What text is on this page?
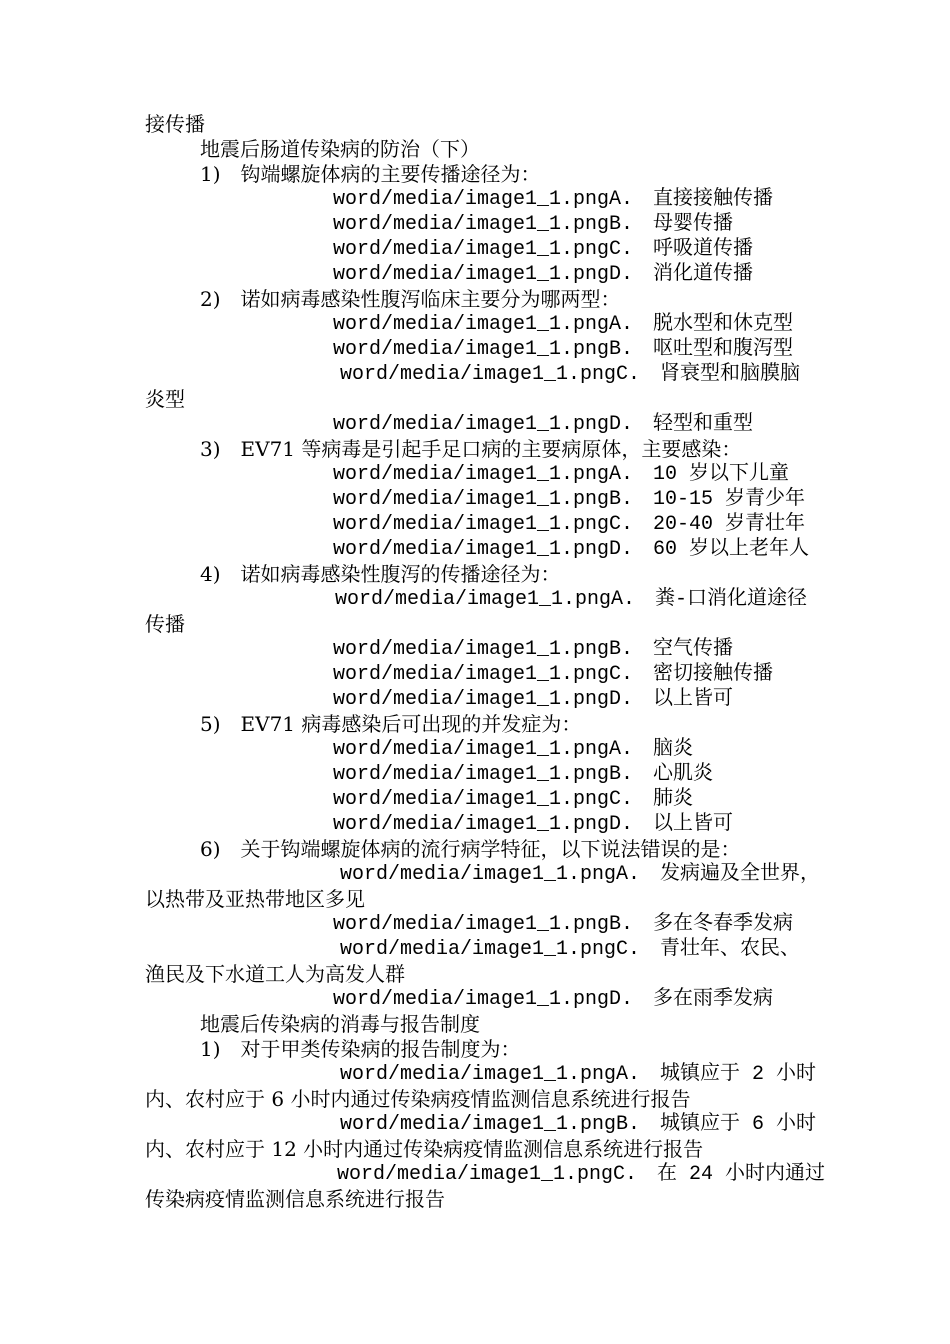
接传播
地震后肠道传染病的防治（下）
1)　钩端螺旋体病的主要传播途径为：
word/media/image1_1.pngA.　直接接触传播
word/media/image1_1.pngB.　母婴传播
word/media/image1_1.pngC.　呼吸道传播
word/media/image1_1.pngD.　消化道传播
2)　诺如病毒感染性腹泻临床主要分为哪两型：
word/media/image1_1.pngA.　脱水型和休克型
word/media/image1_1.pngB.　呕吐型和腹泻型
word/media/image1_1.pngC.　肾衰型和脑膜脑
炎型
word/media/image1_1.pngD.　轻型和重型
3)　EV71 等病毒是引起手足口病的主要病原体，主要感染：
word/media/image1_1.pngA.　10 岁以下儿童
word/media/image1_1.pngB.　10-15 岁青少年
word/media/image1_1.pngC.　20-40 岁青壮年
word/media/image1_1.pngD.　60 岁以上老年人
4)　诺如病毒感染性腹泻的传播途径为：
word/media/image1_1.pngA.　粪-口消化道途径
传播
word/media/image1_1.pngB.　空气传播
word/media/image1_1.pngC.　密切接触传播
word/media/image1_1.pngD.　以上皆可
5)　EV71 病毒感染后可出现的并发症为：
word/media/image1_1.pngA.　脑炎
word/media/image1_1.pngB.　心肌炎
word/media/image1_1.pngC.　肺炎
word/media/image1_1.pngD.　以上皆可
6)　关于钩端螺旋体病的流行病学特征，以下说法错误的是：
word/media/image1_1.pngA.　发病遍及全世界，
以热带及亚热带地区多见
word/media/image1_1.pngB.　多在冬春季发病
word/media/image1_1.pngC.　青壮年、农民、
渔民及下水道工人为高发人群
word/media/image1_1.pngD.　多在雨季发病
地震后传染病的消毒与报告制度
1)　对于甲类传染病的报告制度为：
word/media/image1_1.pngA.　城镇应于 2 小时
内、农村应于 6 小时内通过传染病疫情监测信息系统进行报告
word/media/image1_1.pngB.　城镇应于 6 小时
内、农村应于 12 小时内通过传染病疫情监测信息系统进行报告
word/media/image1_1.pngC.　在 24 小时内通过
传染病疫情监测信息系统进行报告
